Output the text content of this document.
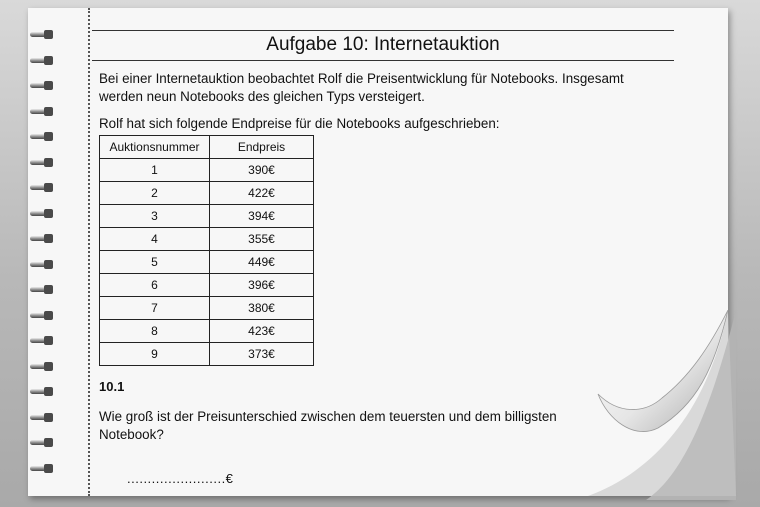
Aufgabe 10: Internetauktion
Bei einer Internetauktion beobachtet Rolf die Preisentwicklung für Notebooks. Insgesamt werden neun Notebooks des gleichen Typs versteigert.
Rolf hat sich folgende Endpreise für die Notebooks aufgeschrieben:
Auktionsnummer	Endpreis
1	390€
2	422€
3	394€
4	355€
5	449€
6	396€
7	380€
8	423€
9	373€
10.1
Wie groß ist der Preisunterschied zwischen dem teuersten und dem billigsten Notebook?
........................€
